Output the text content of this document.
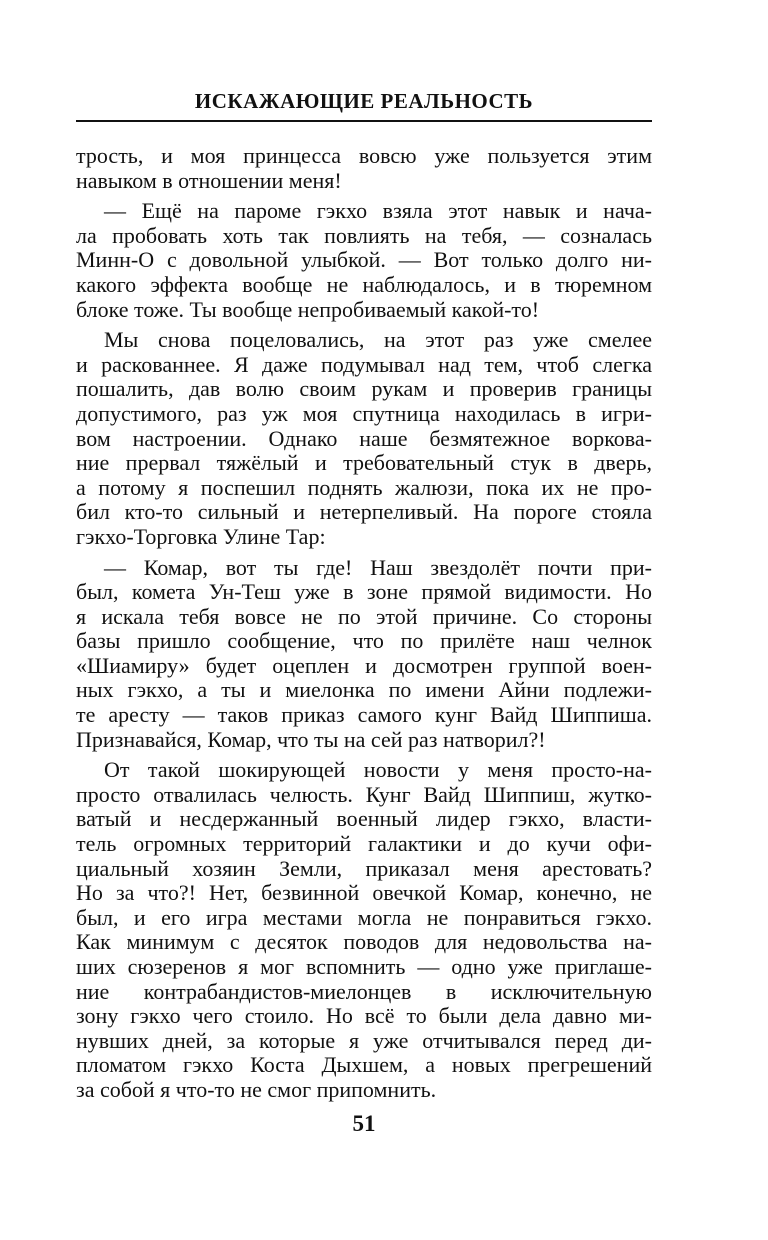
ИСКАЖАЮЩИЕ РЕАЛЬНОСТЬ
трость, и моя принцесса вовсю уже пользуется этим
навыком в отношении меня!
— Ещё на пароме гэкхо взяла этот навык и нача-
ла пробовать хоть так повлиять на тебя, — созналась
Минн-О с довольной улыбкой. — Вот только долго ни-
какого эффекта вообще не наблюдалось, и в тюремном
блоке тоже. Ты вообще непробиваемый какой-то!
Мы снова поцеловались, на этот раз уже смелее
и раскованнее. Я даже подумывал над тем, чтоб слегка
пошалить, дав волю своим рукам и проверив границы
допустимого, раз уж моя спутница находилась в игри-
вом настроении. Однако наше безмятежное воркова-
ние прервал тяжёлый и требовательный стук в дверь,
а потому я поспешил поднять жалюзи, пока их не про-
бил кто-то сильный и нетерпеливый. На пороге стояла
гэкхо-Торговка Улине Тар:
— Комар, вот ты где! Наш звездолёт почти при-
был, комета Ун-Теш уже в зоне прямой видимости. Но
я искала тебя вовсе не по этой причине. Со стороны
базы пришло сообщение, что по прилёте наш челнок
«Шиамиру» будет оцеплен и досмотрен группой воен-
ных гэкхо, а ты и миелонка по имени Айни подлежи-
те аресту — таков приказ самого кунг Вайд Шиппиша.
Признавайся, Комар, что ты на сей раз натворил?!
От такой шокирующей новости у меня просто-на-
просто отвалилась челюсть. Кунг Вайд Шиппиш, жутко-
ватый и несдержанный военный лидер гэкхо, власти-
тель огромных территорий галактики и до кучи офи-
циальный хозяин Земли, приказал меня арестовать?
Но за что?! Нет, безвинной овечкой Комар, конечно, не
был, и его игра местами могла не понравиться гэкхо.
Как минимум с десяток поводов для недовольства на-
ших сюзеренов я мог вспомнить — одно уже приглаше-
ние контрабандистов-миелонцев в исключительную
зону гэкхо чего стоило. Но всё то были дела давно ми-
нувших дней, за которые я уже отчитывался перед ди-
пломатом гэкхо Коста Дыхшем, а новых прегрешений
за собой я что-то не смог припомнить.
51
